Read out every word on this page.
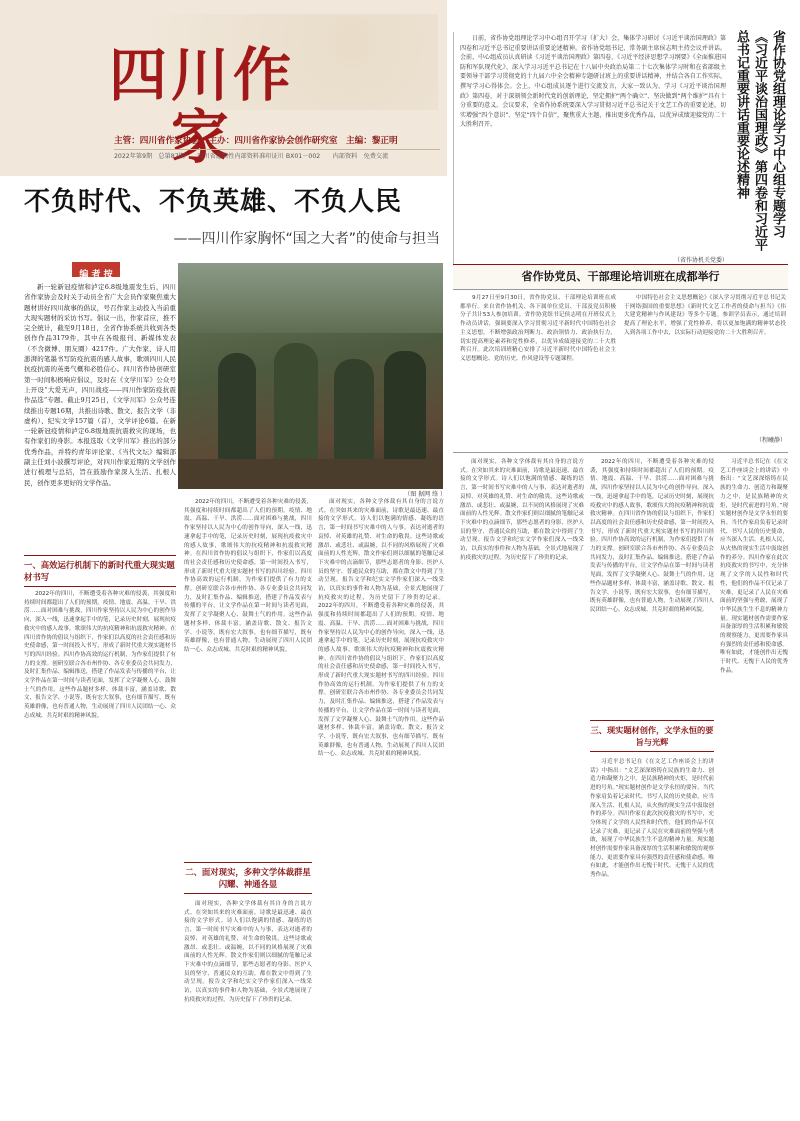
四川作家
主管：四川省作家协会　主办：四川省作家协会创作研究室　主编：黎正明
2022年第9期　总第87期　　四川省连续性内部资料准印证川 BX01－002　　内部资料　免费交流
不负时代、不负英雄、不负人民
——四川作家胸怀“国之大者”的使命与担当
编 者 按
新一轮新冠疫情和泸定6.8级地震发生后，四川省作家协会及时关于动员全省广大会员作家聚焦重大题材讲好四川故事的倡议，号召作家主动投入当前重大现实题材的采访书写。倡议一出，作家首应，推不完全统计，截至9月18日，全省作协系统共收到各类创作作品3179件，其中在各级报刊、新媒体发表（不含微博、朋友圈）4217件。广大作家、诗人用澎湃的笔墨书写防疫抗震的感人故事，歌颂四川人民抗疫抗震的英勇气概和必胜信心。四川省作协创研室第一时间积极响应倡议，及时在《文学川军》公众号上开设“大爱无声，四川战疫——四川作家防疫抗震作品选”专题。截止9月25日，《文学川军》公众号连续推出专题16期，共推出诗歌、散文、报告文学（非虚构）、纪实文学157篇（首），文学评论6篇。在新一轮新冠疫情和泸定6.8级地震抗震救灾的现场，也有作家们的身影。本报选取《文学川军》推出的部分优秀作品，并特约青年评论家、《当代文坛》编辑部副主任刘小波撰写评论，对四川作家近期的文学创作进行梳理与总结，旨在鼓励作家深入生活、扎根人民，创作更多更好的文学作品。
（图 据网 络 ）
一、高效运行机制下的新时代重大现实题材书写
2022年的四川，不断遭受着各种灾难的侵袭，其强度和持续时间都超出了人们的预期。疫情、地震、高温、干旱、洪涝……面对困难与挑战，四川作家坚持以人民为中心的创作导向，深入一线，迅速拿起手中的笔，记录历史时刻，展现抗疫救灾中的感人故事，歌颂伟大的抗疫精神和抗震救灾精神。在四川省作协的倡议与组织下，作家们以高度的社会责任感和历史使命感，第一时间投入书写，形成了新时代重大现实题材书写的四川经验。四川作协高效的运行机制，为作家们提供了有力的支撑。创研室联合各市州作协、各专业委员会共同发力，及时汇集作品、编辑推送，搭建了作品发表与传播的平台，让文学作品在第一时间与读者见面，发挥了文学凝聚人心、鼓舞士气的作用。这些作品题材多样、体裁丰富，涵盖诗歌、散文、报告文学、小说等，既有宏大叙事，也有细节描写，既有英雄群像，也有普通人物，生动展现了四川人民团结一心、众志成城、共克时艰的精神风貌。
2022年的四川，不断遭受着各种灾难的侵袭，其强度和持续时间都超出了人们的预期。疫情、地震、高温、干旱、洪涝……面对困难与挑战，四川作家坚持以人民为中心的创作导向，深入一线，迅速拿起手中的笔，记录历史时刻，展现抗疫救灾中的感人故事，歌颂伟大的抗疫精神和抗震救灾精神。在四川省作协的倡议与组织下，作家们以高度的社会责任感和历史使命感，第一时间投入书写，形成了新时代重大现实题材书写的四川经验。四川作协高效的运行机制，为作家们提供了有力的支撑。创研室联合各市州作协、各专业委员会共同发力，及时汇集作品、编辑推送，搭建了作品发表与传播的平台，让文学作品在第一时间与读者见面，发挥了文学凝聚人心、鼓舞士气的作用。这些作品题材多样、体裁丰富，涵盖诗歌、散文、报告文学、小说等，既有宏大叙事，也有细节描写，既有英雄群像，也有普通人物，生动展现了四川人民团结一心、众志成城、共克时艰的精神风貌。
二、面对现实，多种文学体裁群星闪耀、神通各显
面对现实，各种文学体裁有其自身的言说方式。在突如其来的灾难面前，诗歌是最迅速、最直接的文学形式。诗人们以饱满的情感、凝练的语言，第一时间书写灾难中的人与事，表达对逝者的哀悼、对英雄的礼赞、对生命的敬畏。这些诗歌或激昂、或悲壮、或温婉，以不同的风格展现了灾难面前的人性光辉。散文作家们则以细腻的笔触记录下灾难中的点滴细节，那些志愿者的身影、医护人员的坚守、普通民众的互助，都在散文中得到了生动呈现。报告文学和纪实文学作家们深入一线采访，以真实的事件和人物为基础，全景式地展现了抗疫救灾的过程，为历史留下了珍贵的记录。
面对现实，各种文学体裁有其自身的言说方式。在突如其来的灾难面前，诗歌是最迅速、最直接的文学形式。诗人们以饱满的情感、凝练的语言，第一时间书写灾难中的人与事，表达对逝者的哀悼、对英雄的礼赞、对生命的敬畏。这些诗歌或激昂、或悲壮、或温婉，以不同的风格展现了灾难面前的人性光辉。散文作家们则以细腻的笔触记录下灾难中的点滴细节，那些志愿者的身影、医护人员的坚守、普通民众的互助，都在散文中得到了生动呈现。报告文学和纪实文学作家们深入一线采访，以真实的事件和人物为基础，全景式地展现了抗疫救灾的过程，为历史留下了珍贵的记录。 2022年的四川，不断遭受着各种灾难的侵袭，其强度和持续时间都超出了人们的预期。疫情、地震、高温、干旱、洪涝……面对困难与挑战，四川作家坚持以人民为中心的创作导向，深入一线，迅速拿起手中的笔，记录历史时刻，展现抗疫救灾中的感人故事，歌颂伟大的抗疫精神和抗震救灾精神。在四川省作协的倡议与组织下，作家们以高度的社会责任感和历史使命感，第一时间投入书写，形成了新时代重大现实题材书写的四川经验。四川作协高效的运行机制，为作家们提供了有力的支撑。创研室联合各市州作协、各专业委员会共同发力，及时汇集作品、编辑推送，搭建了作品发表与传播的平台，让文学作品在第一时间与读者见面，发挥了文学凝聚人心、鼓舞士气的作用。这些作品题材多样、体裁丰富，涵盖诗歌、散文、报告文学、小说等，既有宏大叙事，也有细节描写，既有英雄群像，也有普通人物，生动展现了四川人民团结一心、众志成城、共克时艰的精神风貌。
省作协党组理论学习中心组专题学习《习近平谈治国理政》第四卷和习近平总书记重要讲话重要论述精神
日前，省作协党组理论学习中心组召开学习（扩大）会，集体学习研讨《习近平谈治国理政》第四卷和习近平总书记重要讲话重要论述精神。省作协党组书记、常务副主席侯志明主持会议并讲话。会前，中心组成员认真研读《习近平谈治国理政》第四卷、《习近平经济思想学习纲要》《全面推进国防和军队现代化》、深入学习习近平总书记在十八届中央政治局第二十七次集体学习时和在省部级主要领导干部学习贯彻党的十九届六中全会精神专题研讨班上的重要讲话精神，并结合各自工作实际，撰写学习心得体会。会上，中心组成员逐个进行交流发言，大家一致认为，学习《习近平谈治国理政》第四卷，对于深刻领会新时代党的创新理论，坚定拥护“两个确立”、坚决做到“两个维护”具有十分重要的意义。会议要求，全省作协系统要深入学习贯彻习近平总书记关于文艺工作的重要论述，切实增强“四个意识”、坚定“四个自信”，聚焦重大主题，推出更多优秀作品，以优异成绩迎接党的二十大胜利召开。
（省作协机关党委）
省作协党员、干部理论培训班在成都举行
9月27日至9月30日，省作协党员、干部理论培训班在成都举行。来自省作协机关、各下属单位党员、干部及党员积极分子共计53人参加培训。省作协党组书记侯志明在开班仪式上作动员讲话，强调要深入学习贯彻习近平新时代中国特色社会主义思想，不断增强政治判断力、政治领悟力、政治执行力，切实提高理论素养和党性修养，以优异成绩迎接党的二十大胜利召开。此次培训班精心安排了习近平新时代中国特色社会主义思想概论、党的历史、作风建设等专题课程。
中国特色社会主义思想概论》《深入学习贯彻习近平总书记关于网络强国的重要思想》《新时代文艺工作者的使命与担当》《伟大建党精神与作风建设》等多个专题。参训学员表示，通过培训提高了理论水平，增强了党性修养，将以更加饱满的精神状态投入到各项工作中去，以实际行动迎接党的二十大胜利召开。
（程曦静）
面对现实，各种文学体裁有其自身的言说方式。在突如其来的灾难面前，诗歌是最迅速、最直接的文学形式。诗人们以饱满的情感、凝练的语言，第一时间书写灾难中的人与事，表达对逝者的哀悼、对英雄的礼赞、对生命的敬畏。这些诗歌或激昂、或悲壮、或温婉，以不同的风格展现了灾难面前的人性光辉。散文作家们则以细腻的笔触记录下灾难中的点滴细节，那些志愿者的身影、医护人员的坚守、普通民众的互助，都在散文中得到了生动呈现。报告文学和纪实文学作家们深入一线采访，以真实的事件和人物为基础，全景式地展现了抗疫救灾的过程，为历史留下了珍贵的记录。
2022年的四川，不断遭受着各种灾难的侵袭，其强度和持续时间都超出了人们的预期。疫情、地震、高温、干旱、洪涝……面对困难与挑战，四川作家坚持以人民为中心的创作导向，深入一线，迅速拿起手中的笔，记录历史时刻，展现抗疫救灾中的感人故事，歌颂伟大的抗疫精神和抗震救灾精神。在四川省作协的倡议与组织下，作家们以高度的社会责任感和历史使命感，第一时间投入书写，形成了新时代重大现实题材书写的四川经验。四川作协高效的运行机制，为作家们提供了有力的支撑。创研室联合各市州作协、各专业委员会共同发力，及时汇集作品、编辑推送，搭建了作品发表与传播的平台，让文学作品在第一时间与读者见面，发挥了文学凝聚人心、鼓舞士气的作用。这些作品题材多样、体裁丰富，涵盖诗歌、散文、报告文学、小说等，既有宏大叙事，也有细节描写，既有英雄群像，也有普通人物，生动展现了四川人民团结一心、众志成城、共克时艰的精神风貌。
三、现实题材创作，文学永恒的要旨与光辉
习近平总书记在《在文艺工作座谈会上的讲话》中指出：“文艺深深熔铸在民族的生命力、创造力和凝聚力之中，是民族精神的火炬，是时代前进的号角。”现实题材创作是文学永恒的要旨。当代作家肩负着记录时代、书写人民的历史使命，应当深入生活、扎根人民，从火热的现实生活中汲取创作的养分。四川作家在此次抗疫救灾的书写中，充分体现了文学的人民性和时代性，他们的作品不仅记录了灾难，更记录了人民在灾难面前的坚强与勇敢，展现了中华民族生生不息的精神力量。现实题材创作需要作家具备深厚的生活积累和敏锐的观察能力，更需要作家具有强烈的责任感和使命感。唯有如此，才能创作出无愧于时代、无愧于人民的优秀作品。
习近平总书记在《在文艺工作座谈会上的讲话》中指出：“文艺深深熔铸在民族的生命力、创造力和凝聚力之中，是民族精神的火炬，是时代前进的号角。”现实题材创作是文学永恒的要旨。当代作家肩负着记录时代、书写人民的历史使命，应当深入生活、扎根人民，从火热的现实生活中汲取创作的养分。四川作家在此次抗疫救灾的书写中，充分体现了文学的人民性和时代性，他们的作品不仅记录了灾难，更记录了人民在灾难面前的坚强与勇敢，展现了中华民族生生不息的精神力量。现实题材创作需要作家具备深厚的生活积累和敏锐的观察能力，更需要作家具有强烈的责任感和使命感。唯有如此，才能创作出无愧于时代、无愧于人民的优秀作品。
